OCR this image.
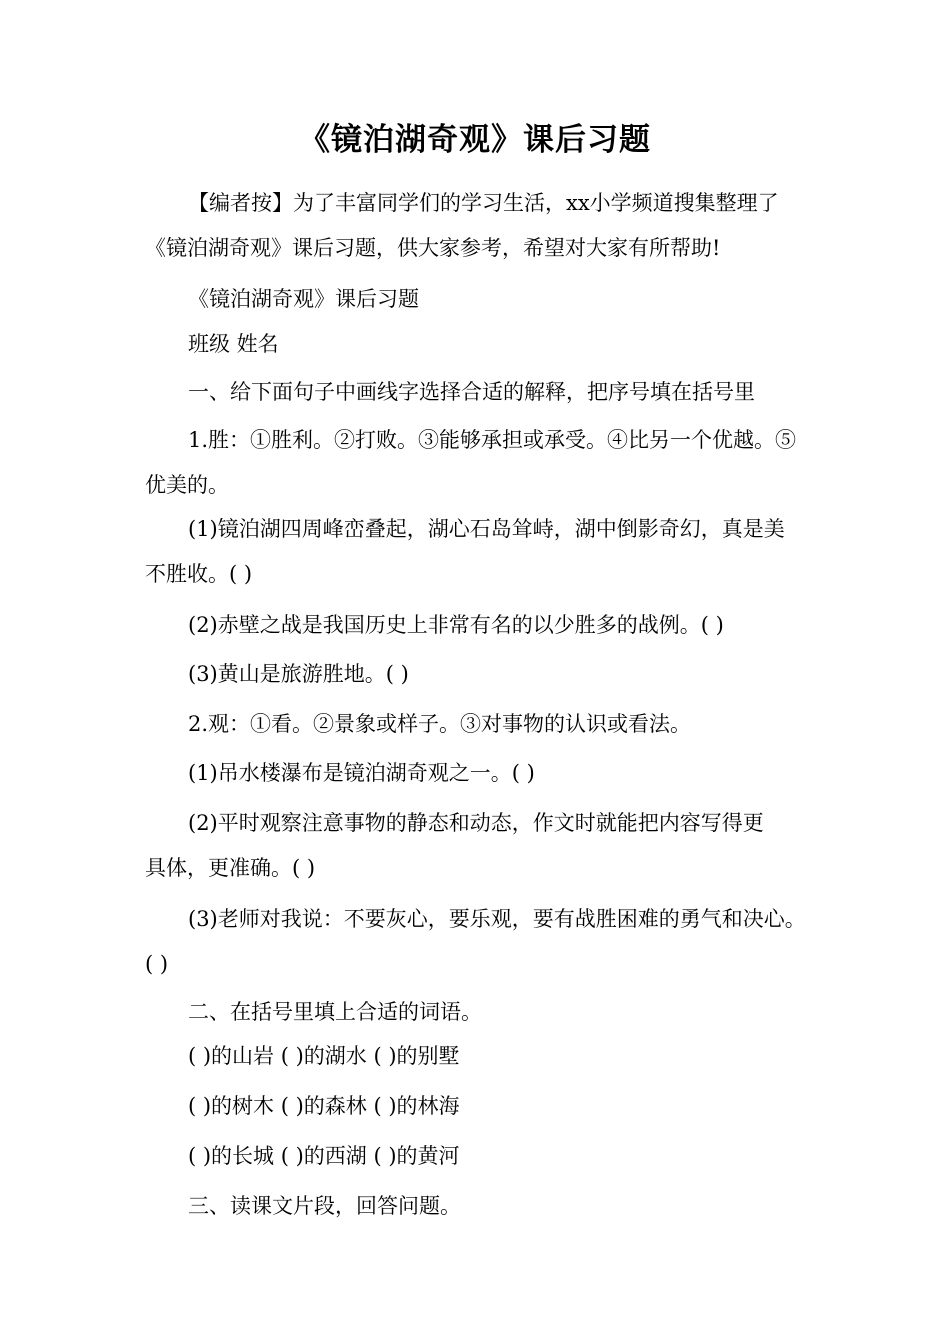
《镜泊湖奇观》课后习题

【编者按】为了丰富同学们的学习生活，xx小学频道搜集整理了
《镜泊湖奇观》课后习题，供大家参考，希望对大家有所帮助!

《镜泊湖奇观》课后习题

班级 姓名

一、给下面句子中画线字选择合适的解释，把序号填在括号里

1.胜：①胜利。②打败。③能够承担或承受。④比另一个优越。⑤
优美的。

(1)镜泊湖四周峰峦叠起，湖心石岛耸峙，湖中倒影奇幻，真是美
不胜收。( )

(2)赤壁之战是我国历史上非常有名的以少胜多的战例。( )

(3)黄山是旅游胜地。( )

2.观：①看。②景象或样子。③对事物的认识或看法。

(1)吊水楼瀑布是镜泊湖奇观之一。( )

(2)平时观察注意事物的静态和动态，作文时就能把内容写得更
具体，更准确。( )

(3)老师对我说：不要灰心，要乐观，要有战胜困难的勇气和决心。
( )

二、在括号里填上合适的词语。

( )的山岩 ( )的湖水 ( )的别墅

( )的树木 ( )的森林 ( )的林海

( )的长城 ( )的西湖 ( )的黄河

三、读课文片段，回答问题。
